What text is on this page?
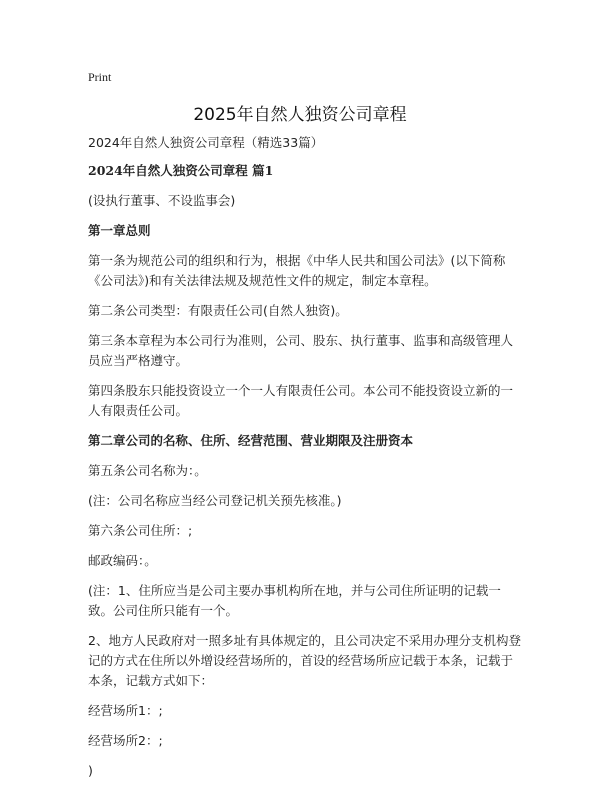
Print
2025年自然人独资公司章程

2024年自然人独资公司章程（精选33篇）

2024年自然人独资公司章程 篇1

(设执行董事、不设监事会)

第一章总则

第一条为规范公司的组织和行为，根据《中华人民共和国公司法》(以下简称《公司法》)和有关法律法规及规范性文件的规定，制定本章程。

第二条公司类型：有限责任公司(自然人独资)。

第三条本章程为本公司行为准则，公司、股东、执行董事、监事和高级管理人员应当严格遵守。

第四条股东只能投资设立一个一人有限责任公司。本公司不能投资设立新的一人有限责任公司。

第二章公司的名称、住所、经营范围、营业期限及注册资本

第五条公司名称为：。

(注：公司名称应当经公司登记机关预先核准。)

第六条公司住所：;

邮政编码：。

(注：1、住所应当是公司主要办事机构所在地，并与公司住所证明的记载一致。公司住所只能有一个。

2、地方人民政府对一照多址有具体规定的，且公司决定不采用办理分支机构登记的方式在住所以外增设经营场所的，首设的经营场所应记载于本条，记载于本条，记载方式如下：

经营场所1：;

经营场所2：;

)
